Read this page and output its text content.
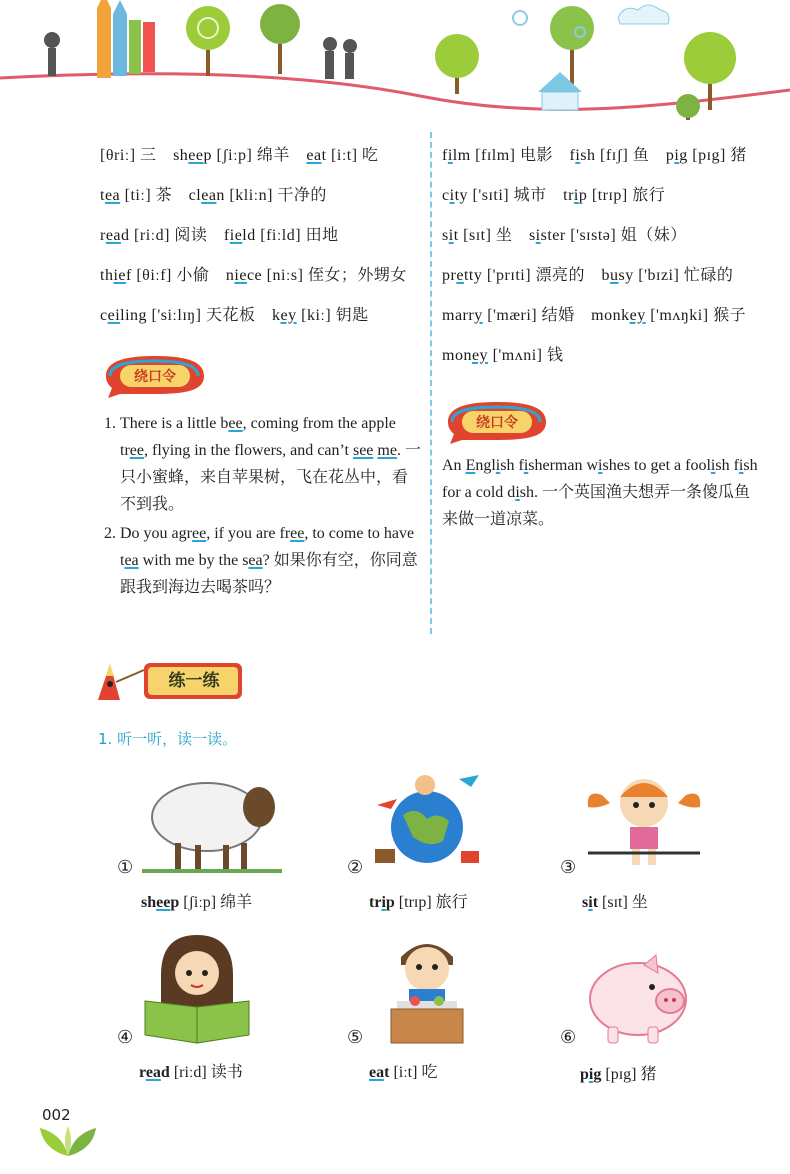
[θriː] 三 sheep [ʃiːp] 绵羊 eat [iːt] 吃 tea [tiː] 茶 clean [kliːn] 干净的 read [riːd] 阅读 field [fiːld] 田地 thief [θiːf] 小偷 niece [niːs] 侄女；外甥女 ceiling ['siːlɪŋ] 天花板 key [kiː] 钥匙
film [fɪlm] 电影 fish [fɪʃ] 鱼 pig [pɪg] 猪 city ['sɪti] 城市 trip [trɪp] 旅行 sit [sɪt] 坐 sister ['sɪstə] 姐（妹） pretty ['prɪti] 漂亮的 busy ['bɪzi] 忙碌的 marry ['mæri] 结婚 monkey ['mʌŋki] 猴子 money ['mʌni] 钱
绕口令
绕口令
1. There is a little bee, coming from the apple tree, flying in the flowers, and can’t see me. 一只小蜜蜂，来自苹果树，飞在花丛中，看不到我。
2. Do you agree, if you are free, to come to have tea with me by the sea? 如果你有空，你同意跟我到海边去喝茶吗？
An English fisherman wishes to get a foolish fish for a cold dish. 一个英国渔夫想弄一条傻瓜鱼来做一道凉菜。
练一练
1. 听一听，读一读。
①
sheep [ʃiːp] 绵羊
②
trip [trɪp] 旅行
③
sit [sɪt] 坐
④
read [riːd] 读书
⑤
eat [iːt] 吃
⑥
pig [pɪg] 猪
002
